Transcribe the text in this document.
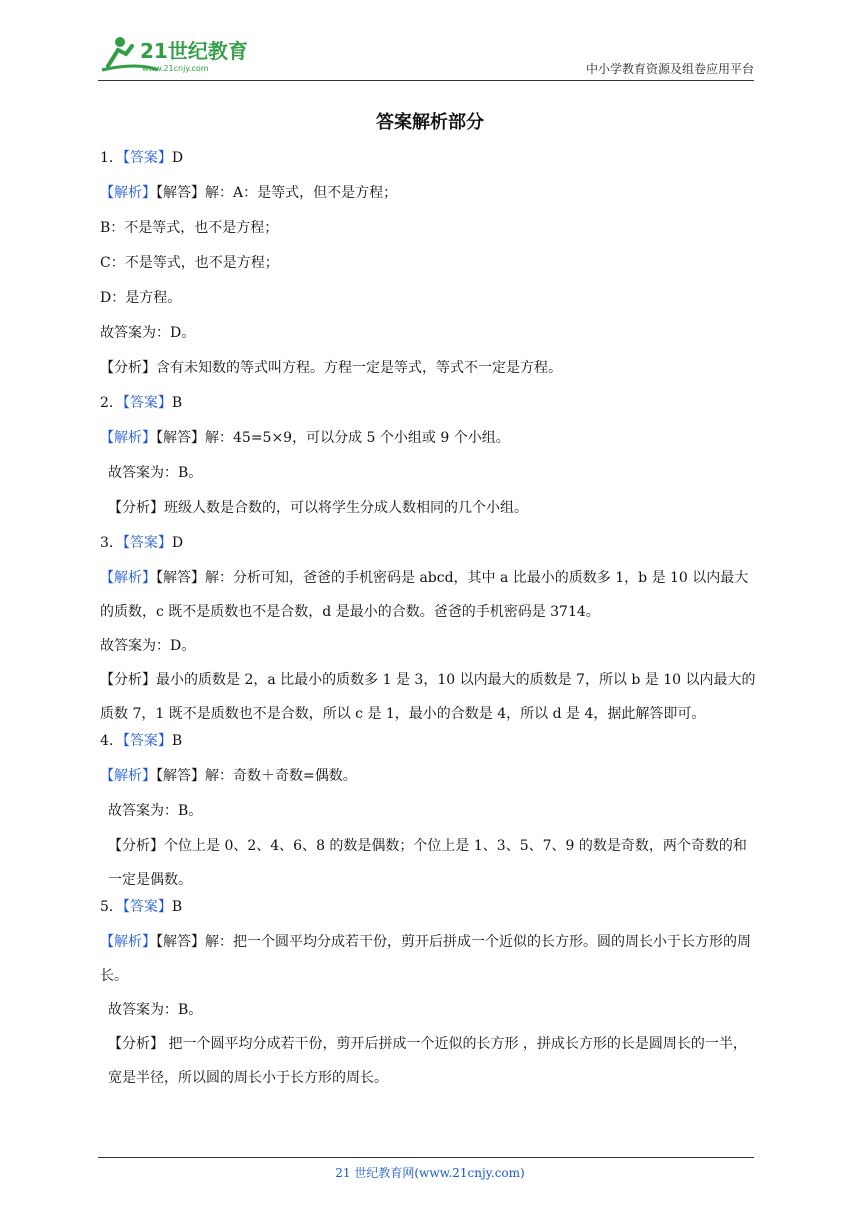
21世纪教育
www.21cnjy.com	中小学教育资源及组卷应用平台
答案解析部分
1．【答案】D
【解析】【解答】解：A：是等式，但不是方程；
B：不是等式，也不是方程；
C：不是等式，也不是方程；
D：是方程。
故答案为：D。
【分析】含有未知数的等式叫方程。方程一定是等式，等式不一定是方程。
2．【答案】B
【解析】【解答】解：45=5×9，可以分成 5 个小组或 9 个小组。
故答案为：B。
【分析】班级人数是合数的，可以将学生分成人数相同的几个小组。
3．【答案】D
【解析】【解答】解：分析可知，爸爸的手机密码是 abcd，其中 a 比最小的质数多 1，b 是 10 以内最大的质数，c 既不是质数也不是合数，d 是最小的合数。爸爸的手机密码是 3714。
故答案为：D。
【分析】最小的质数是 2，a 比最小的质数多 1 是 3，10 以内最大的质数是 7，所以 b 是 10 以内最大的质数 7，1 既不是质数也不是合数，所以 c 是 1，最小的合数是 4，所以 d 是 4，据此解答即可。
4．【答案】B
【解析】【解答】解：奇数＋奇数=偶数。
故答案为：B。
【分析】个位上是 0、2、4、6、8 的数是偶数；个位上是 1、3、5、7、9 的数是奇数，两个奇数的和一定是偶数。
5．【答案】B
【解析】【解答】解：把一个圆平均分成若干份，剪开后拼成一个近似的长方形。圆的周长小于长方形的周长。
故答案为：B。
【分析】 把一个圆平均分成若干份，剪开后拼成一个近似的长方形 ，拼成长方形的长是圆周长的一半，宽是半径，所以圆的周长小于长方形的周长。
21 世纪教育网(www.21cnjy.com)
